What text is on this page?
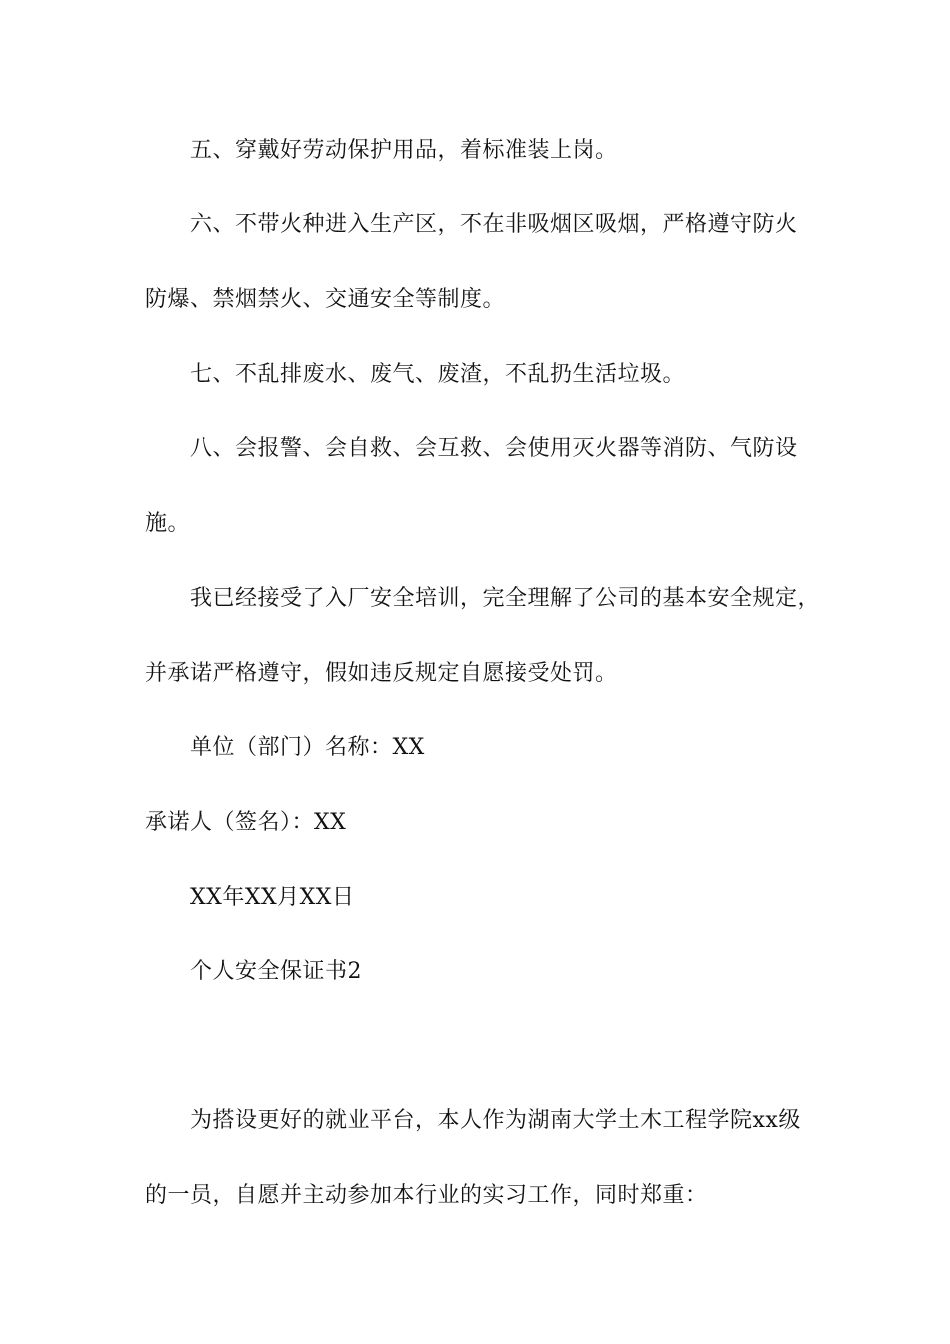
五、穿戴好劳动保护用品，着标准装上岗。
六、不带火种进入生产区，不在非吸烟区吸烟，严格遵守防火
防爆、禁烟禁火、交通安全等制度。
七、不乱排废水、废气、废渣，不乱扔生活垃圾。
八、会报警、会自救、会互救、会使用灭火器等消防、气防设
施。
我已经接受了入厂安全培训，完全理解了公司的基本安全规定，
并承诺严格遵守，假如违反规定自愿接受处罚。
单位（部门）名称：XX
承诺人（签名）：XX
XX年XX月XX日
个人安全保证书2
为搭设更好的就业平台，本人作为湖南大学土木工程学院xx级
的一员，自愿并主动参加本行业的实习工作，同时郑重：
